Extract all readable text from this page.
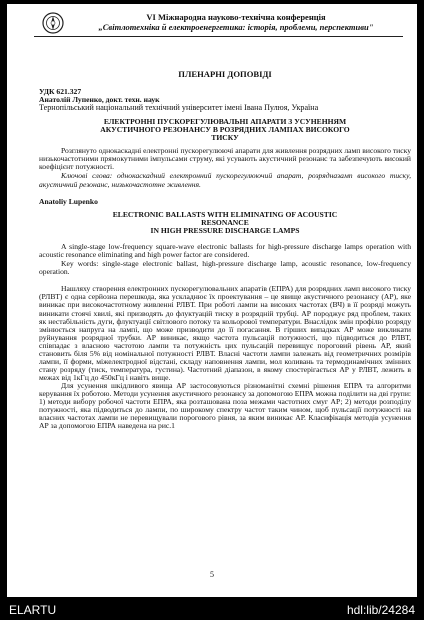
VI Міжнародна науково-технічна конференція
„Світлотехніка й електроенергетика: історія, проблеми, перспективи"

ПЛЕНАРНІ ДОПОВІДІ

УДК 621.327

Анатолій Лупенко, докт. техн. наук

Тернопільський національний технічний університет імені Івана Пулюя, Україна

ЕЛЕКТРОННІ ПУСКОРЕГУЛЮВАЛЬНІ АПАРАТИ З УСУНЕННЯМ
АКУСТИЧНОГО РЕЗОНАНСУ В РОЗРЯДНИХ ЛАМПАХ ВИСОКОГО
ТИСКУ

Розглянуто однокаскадні електронні пускорегулюючі апарати для живлення розрядних ламп високого тиску низькочастотними прямокутними імпульсами струму, які усувають акустичний резонанс та забезпечують високий коефіцієнт потужності.

Ключові слова: однокаскадний електронний пускорегулюючий апарат, розрядназамп високого тиску, акустичний резонанс, низькочастотне живлення.

Anatoliy Lupenko

ELECTRONIC BALLASTS WITH ELIMINATING OF ACOUSTIC
RESONANCE
IN HIGH PRESSURE DISCHARGE LAMPS

A single-stage low-frequency square-wave electronic ballasts for high-pressure discharge lamps operation with acoustic resonance eliminating and high power factor are considered.

Key words: single-stage electronic ballast, high-pressure discharge lamp, acoustic resonance, low-frequency operation.

Нашляху створення електронних пускорегулювальних апаратів (ЕПРА) для розрядних ламп високого тиску (РЛВТ) є одна серйозна перешкода, яка ускладнює їх проектування – це явище акустичного резонансу (АР), яке виникає при високочастотному живленні РЛВТ. При роботі лампи на високих частотах (ВЧ) в її розряді можуть виникати стоячі хвилі, які призводять до флуктуацій тиску в розрядній трубці. АР породжує ряд проблем, таких як нестабільність дуги, флуктуації світлового потоку та кольорової температури. Внаслідок змін профілю розряду змінюється напруга на лампі, що може призводити до її погасання. В гірших випадках АР може викликати руйнування розрядної трубки. АР виникає, якщо частота пульсацій потужності, що підводиться до РЛВТ, співпадає з власною частотою лампи та потужність цих пульсацій перевищує пороговий рівень АР, який становить біля 5% від номінальної потужності РЛВТ. Власні частоти лампи залежать від геометричних розмірів лампи, її форми, міжелектродної відстані, складу наповнення лампи, мол коливань та термодинамічних змінних стану розряду (тиск, температура, густина). Частотний діапазон, в якому спостерігається АР у РЛВТ, лежить в межах від 1кГц до 450кГц і навіть вище.

Для усунення шкідливого явища АР застосовуються різноманітні схемні рішення ЕПРА та алгоритми керування їх роботою. Методи усунення акустичного резонансу за допомогою ЕПРА можна поділити на дві групи: 1) методи вибору робочої частоти ЕПРА, яка розташована поза межами частотних смуг АР; 2) методи розподілу потужності, яка підводиться до лампи, по широкому спектру частот таким чином, щоб пульсації потужності на власних частотах лампи не перевищували порогового рівня, за яким виникає АР. Класифікація методів усунення АР за допомогою ЕПРА наведена на рис.1

5
ELARTU	hdl:lib/24284
